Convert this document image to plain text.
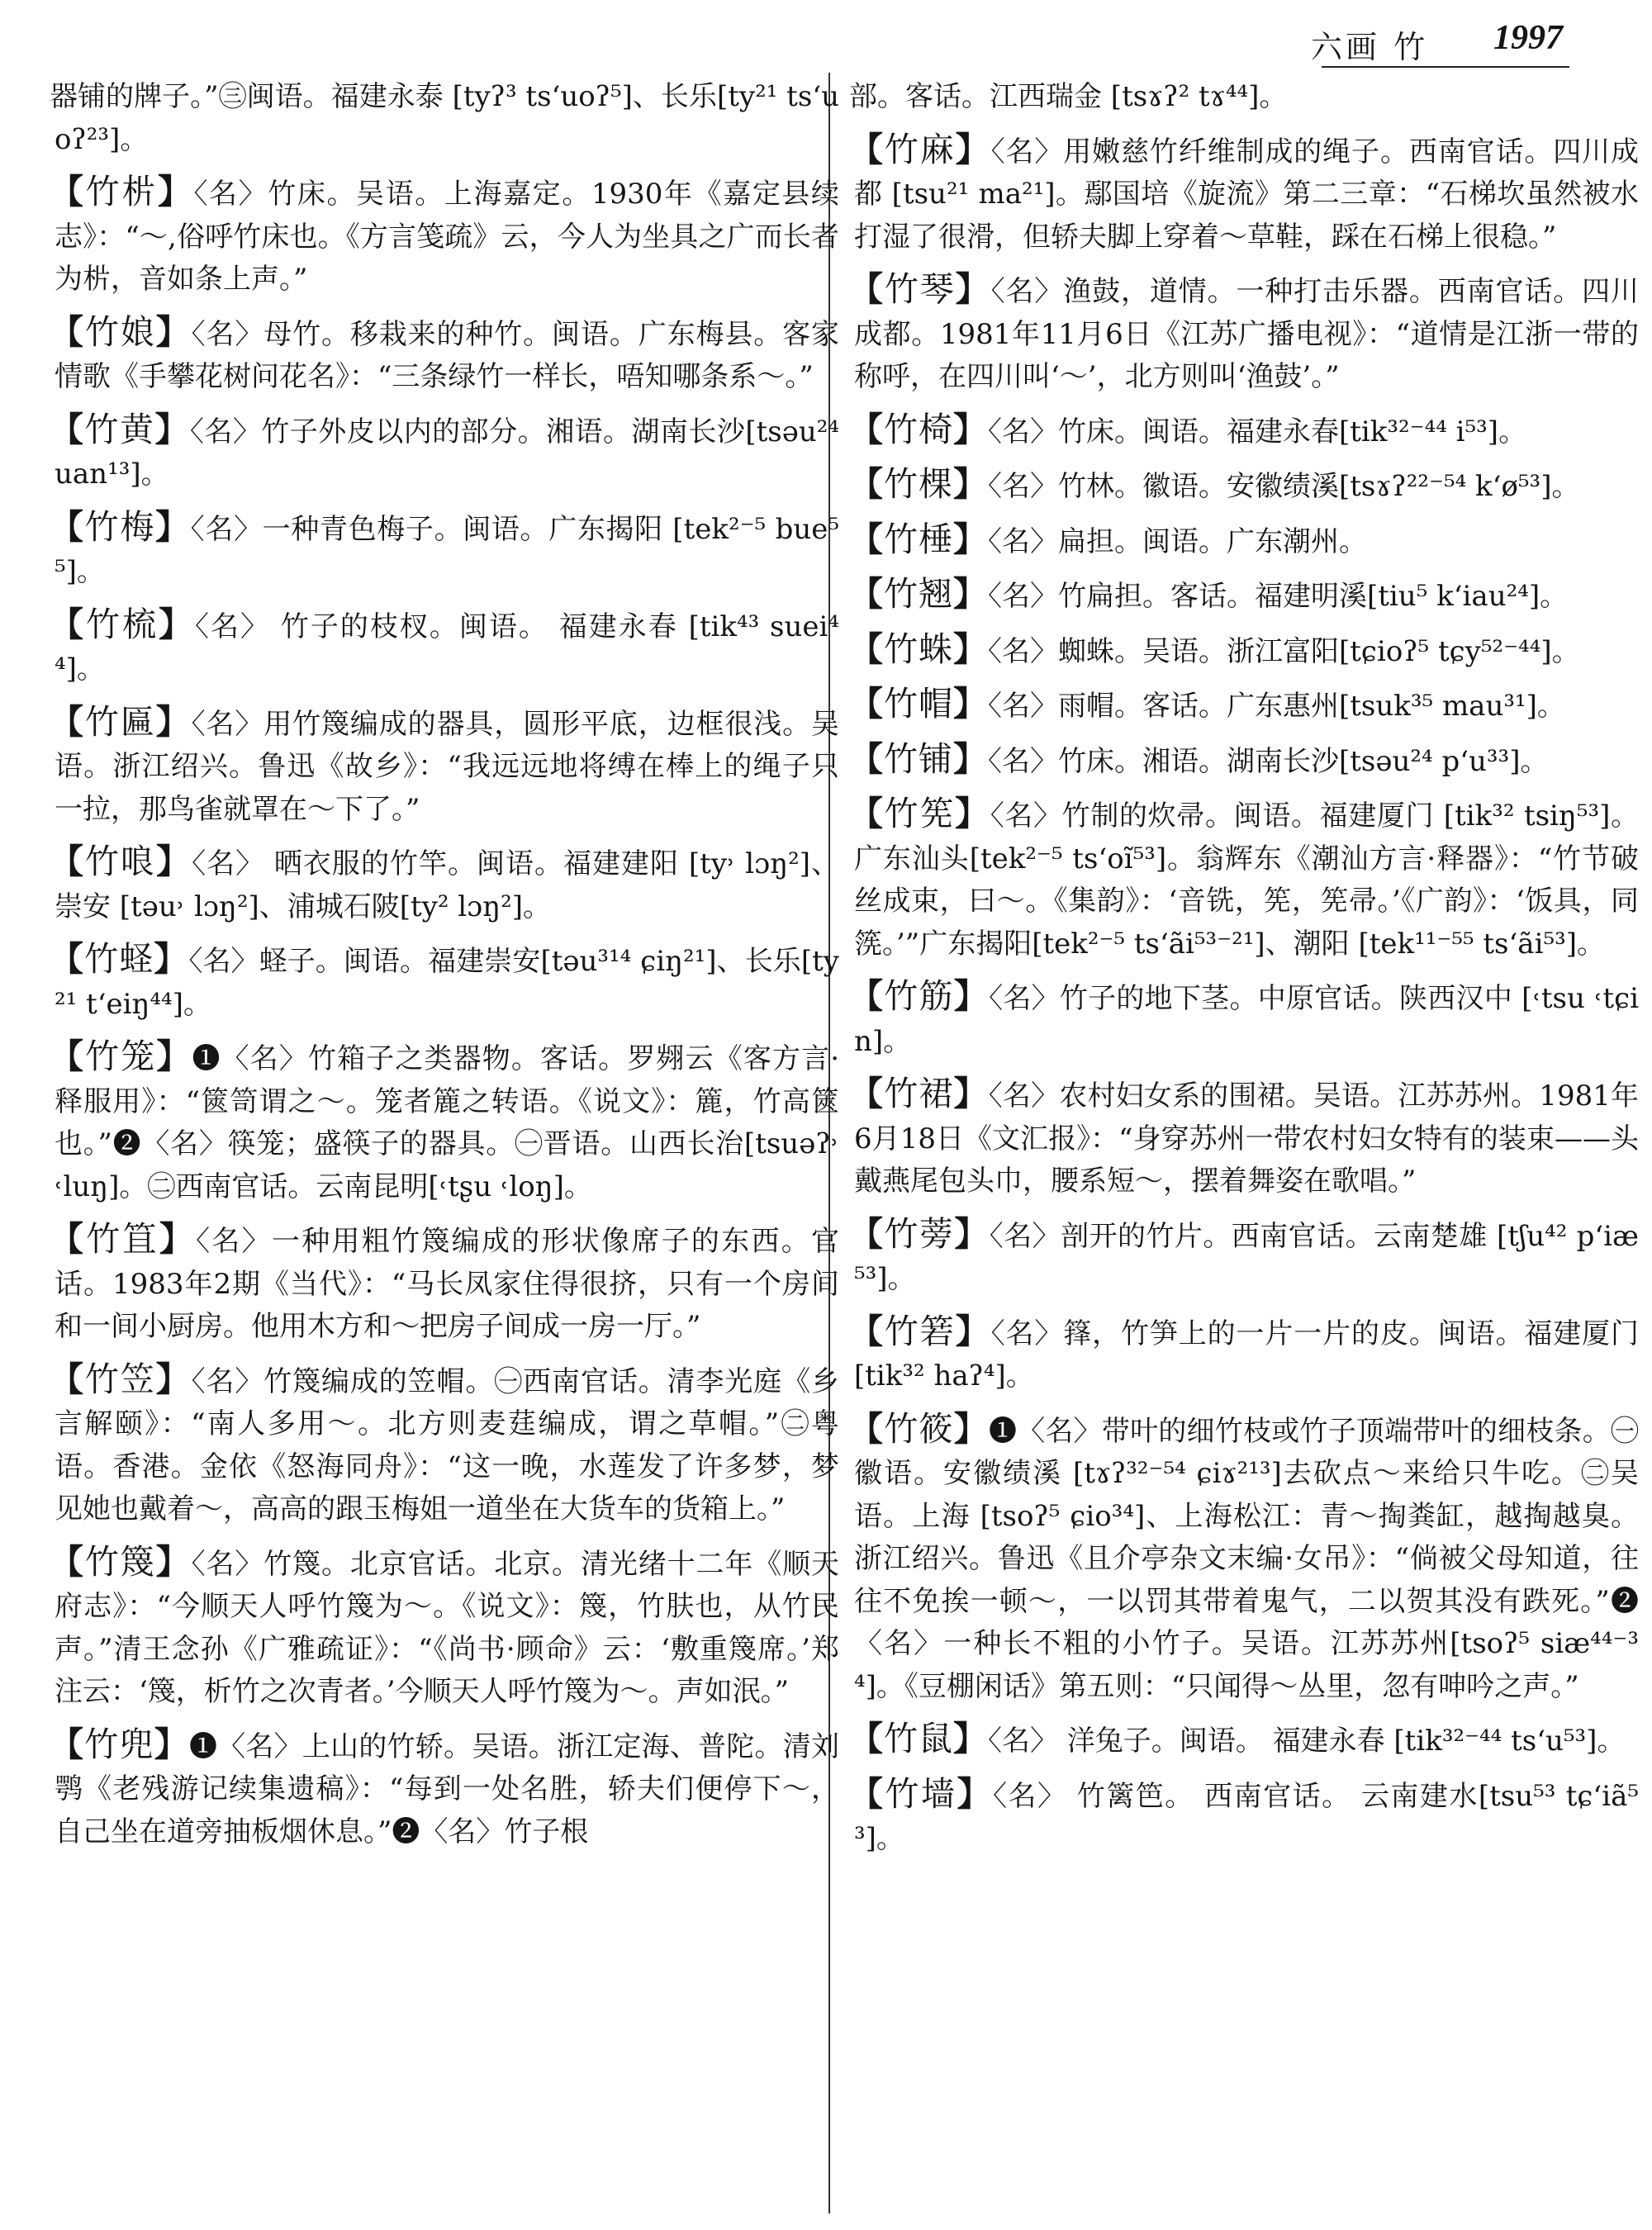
六画 竹 1997

器铺的牌子。”㊂闽语。福建永泰 [tyʔ³ tsʻuoʔ⁵]、长乐[ty²¹ tsʻuoʔ²³]。

【竹㭊】〈名〉竹床。吴语。上海嘉定。1930年《嘉定县续志》：“～,俗呼竹床也。《方言笺疏》云，今人为坐具之广而长者为㭊，音如条上声。”

【竹娘】〈名〉母竹。移栽来的种竹。闽语。广东梅县。客家情歌《手攀花树问花名》：“三条绿竹一样长，唔知哪条系～。”

【竹黄】〈名〉竹子外皮以内的部分。湘语。湖南长沙[tsəu²⁴ uan¹³]。

【竹梅】〈名〉一种青色梅子。闽语。广东揭阳 [tek²⁻⁵ bue⁵⁵]。

【竹梳】〈名〉 竹子的枝杈。闽语。 福建永春 [tik⁴³ suei⁴⁴]。

【竹匾】〈名〉用竹篾编成的器具，圆形平底，边框很浅。吴语。浙江绍兴。鲁迅《故乡》：“我远远地将缚在棒上的绳子只一拉，那鸟雀就罩在～下了。”

【竹哴】〈名〉 晒衣服的竹竿。闽语。福建建阳 [ty˒ lɔŋ²]、崇安 [təu˒ lɔŋ²]、浦城石陂[ty² lɔŋ²]。

【竹蛏】〈名〉蛏子。闽语。福建崇安[təu³¹⁴ ɕiŋ²¹]、长乐[ty²¹ tʻeiŋ⁴⁴]。

【竹笼】❶〈名〉竹箱子之类器物。客话。罗翙云《客方言·释服用》：“篋笥谓之～。笼者簏之转语。《说文》：簏，竹高篋也。”❷〈名〉筷笼；盛筷子的器具。㊀晋语。山西长治[tsuəʔ˒ ˓luŋ]。㊁西南官话。云南昆明[˓tʂu ˓loŋ]。

【竹笡】〈名〉一种用粗竹篾编成的形状像席子的东西。官话。1983年2期《当代》：“马长凤家住得很挤，只有一个房间和一间小厨房。他用木方和～把房子间成一房一厅。”

【竹笠】〈名〉竹篾编成的笠帽。㊀西南官话。清李光庭《乡言解颐》：“南人多用～。北方则麦莛编成，谓之草帽。”㊁粤语。香港。金依《怒海同舟》：“这一晚，水莲发了许多梦，梦见她也戴着～，高高的跟玉梅姐一道坐在大货车的货箱上。”

【竹篾】〈名〉竹篾。北京官话。北京。清光绪十二年《顺天府志》：“今顺天人呼竹篾为～。《说文》：篾，竹肤也，从竹民声。”清王念孙《广雅疏证》：“《尚书·顾命》云：‘敷重篾席。’郑注云：‘篾，析竹之次青者。’今顺天人呼竹篾为～。声如泯。”

【竹兜】❶〈名〉上山的竹轿。吴语。浙江定海、普陀。清刘鹗《老残游记续集遗稿》：“每到一处名胜，轿夫们便停下～，自己坐在道旁抽板烟休息。”❷〈名〉竹子根

部。客话。江西瑞金 [tsɤʔ² tɤ⁴⁴]。

【竹麻】〈名〉用嫩慈竹纤维制成的绳子。西南官话。四川成都 [tsu²¹ ma²¹]。鄢国培《旋流》第二三章：“石梯坎虽然被水打湿了很滑，但轿夫脚上穿着～草鞋，踩在石梯上很稳。”

【竹琴】〈名〉渔鼓，道情。一种打击乐器。西南官话。四川成都。1981年11月6日《江苏广播电视》：“道情是江浙一带的称呼，在四川叫‘～’，北方则叫‘渔鼓’。”

【竹椅】〈名〉竹床。闽语。福建永春[tik³²⁻⁴⁴ i⁵³]。

【竹棵】〈名〉竹林。徽语。安徽绩溪[tsɤʔ²²⁻⁵⁴ kʻø⁵³]。

【竹棰】〈名〉扁担。闽语。广东潮州。

【竹翘】〈名〉竹扁担。客话。福建明溪[tiu⁵ kʻiau²⁴]。

【竹蛛】〈名〉蜘蛛。吴语。浙江富阳[tɕioʔ⁵ tɕy⁵²⁻⁴⁴]。

【竹帽】〈名〉雨帽。客话。广东惠州[tsuk³⁵ mau³¹]。

【竹铺】〈名〉竹床。湘语。湖南长沙[tsəu²⁴ pʻu³³]。

【竹筅】〈名〉竹制的炊帚。闽语。福建厦门 [tik³² tsiŋ⁵³]。广东汕头[tek²⁻⁵ tsʻoĩ⁵³]。翁辉东《潮汕方言·释器》：“竹节破丝成束，曰～。《集韵》：‘音铣，筅，筅帚。’《广韵》：‘饭具，同箲。’”广东揭阳[tek²⁻⁵ tsʻãi⁵³⁻²¹]、潮阳 [tek¹¹⁻⁵⁵ tsʻãi⁵³]。

【竹筋】〈名〉竹子的地下茎。中原官话。陕西汉中 [˓tsu ˓tɕin]。

【竹裙】〈名〉农村妇女系的围裙。吴语。江苏苏州。1981年6月18日《文汇报》：“身穿苏州一带农村妇女特有的装束——头戴燕尾包头巾，腰系短～，摆着舞姿在歌唱。”

【竹蒡】〈名〉剖开的竹片。西南官话。云南楚雄 [tʃu⁴² pʻiæ⁵³]。

【竹箬】〈名〉箨，竹笋上的一片一片的皮。闽语。福建厦门[tik³² haʔ⁴]。

【竹筱】❶〈名〉带叶的细竹枝或竹子顶端带叶的细枝条。㊀徽语。安徽绩溪 [tɤʔ³²⁻⁵⁴ ɕiɤ²¹³]去砍点～来给只牛吃。㊁吴语。上海 [tsoʔ⁵ ɕio³⁴]、上海松江：青～掏粪缸，越掏越臭。浙江绍兴。鲁迅《且介亭杂文末编·女吊》：“倘被父母知道，往往不免挨一顿～，一以罚其带着鬼气，二以贺其没有跌死。”❷〈名〉一种长不粗的小竹子。吴语。江苏苏州[tsoʔ⁵ siæ⁴⁴⁻³⁴]。《豆棚闲话》第五则：“只闻得～丛里，忽有呻吟之声。”

【竹鼠】〈名〉 洋兔子。闽语。 福建永春 [tik³²⁻⁴⁴ tsʻu⁵³]。

【竹墙】〈名〉 竹篱笆。 西南官话。 云南建水[tsu⁵³ tɕʻiã⁵³]。
